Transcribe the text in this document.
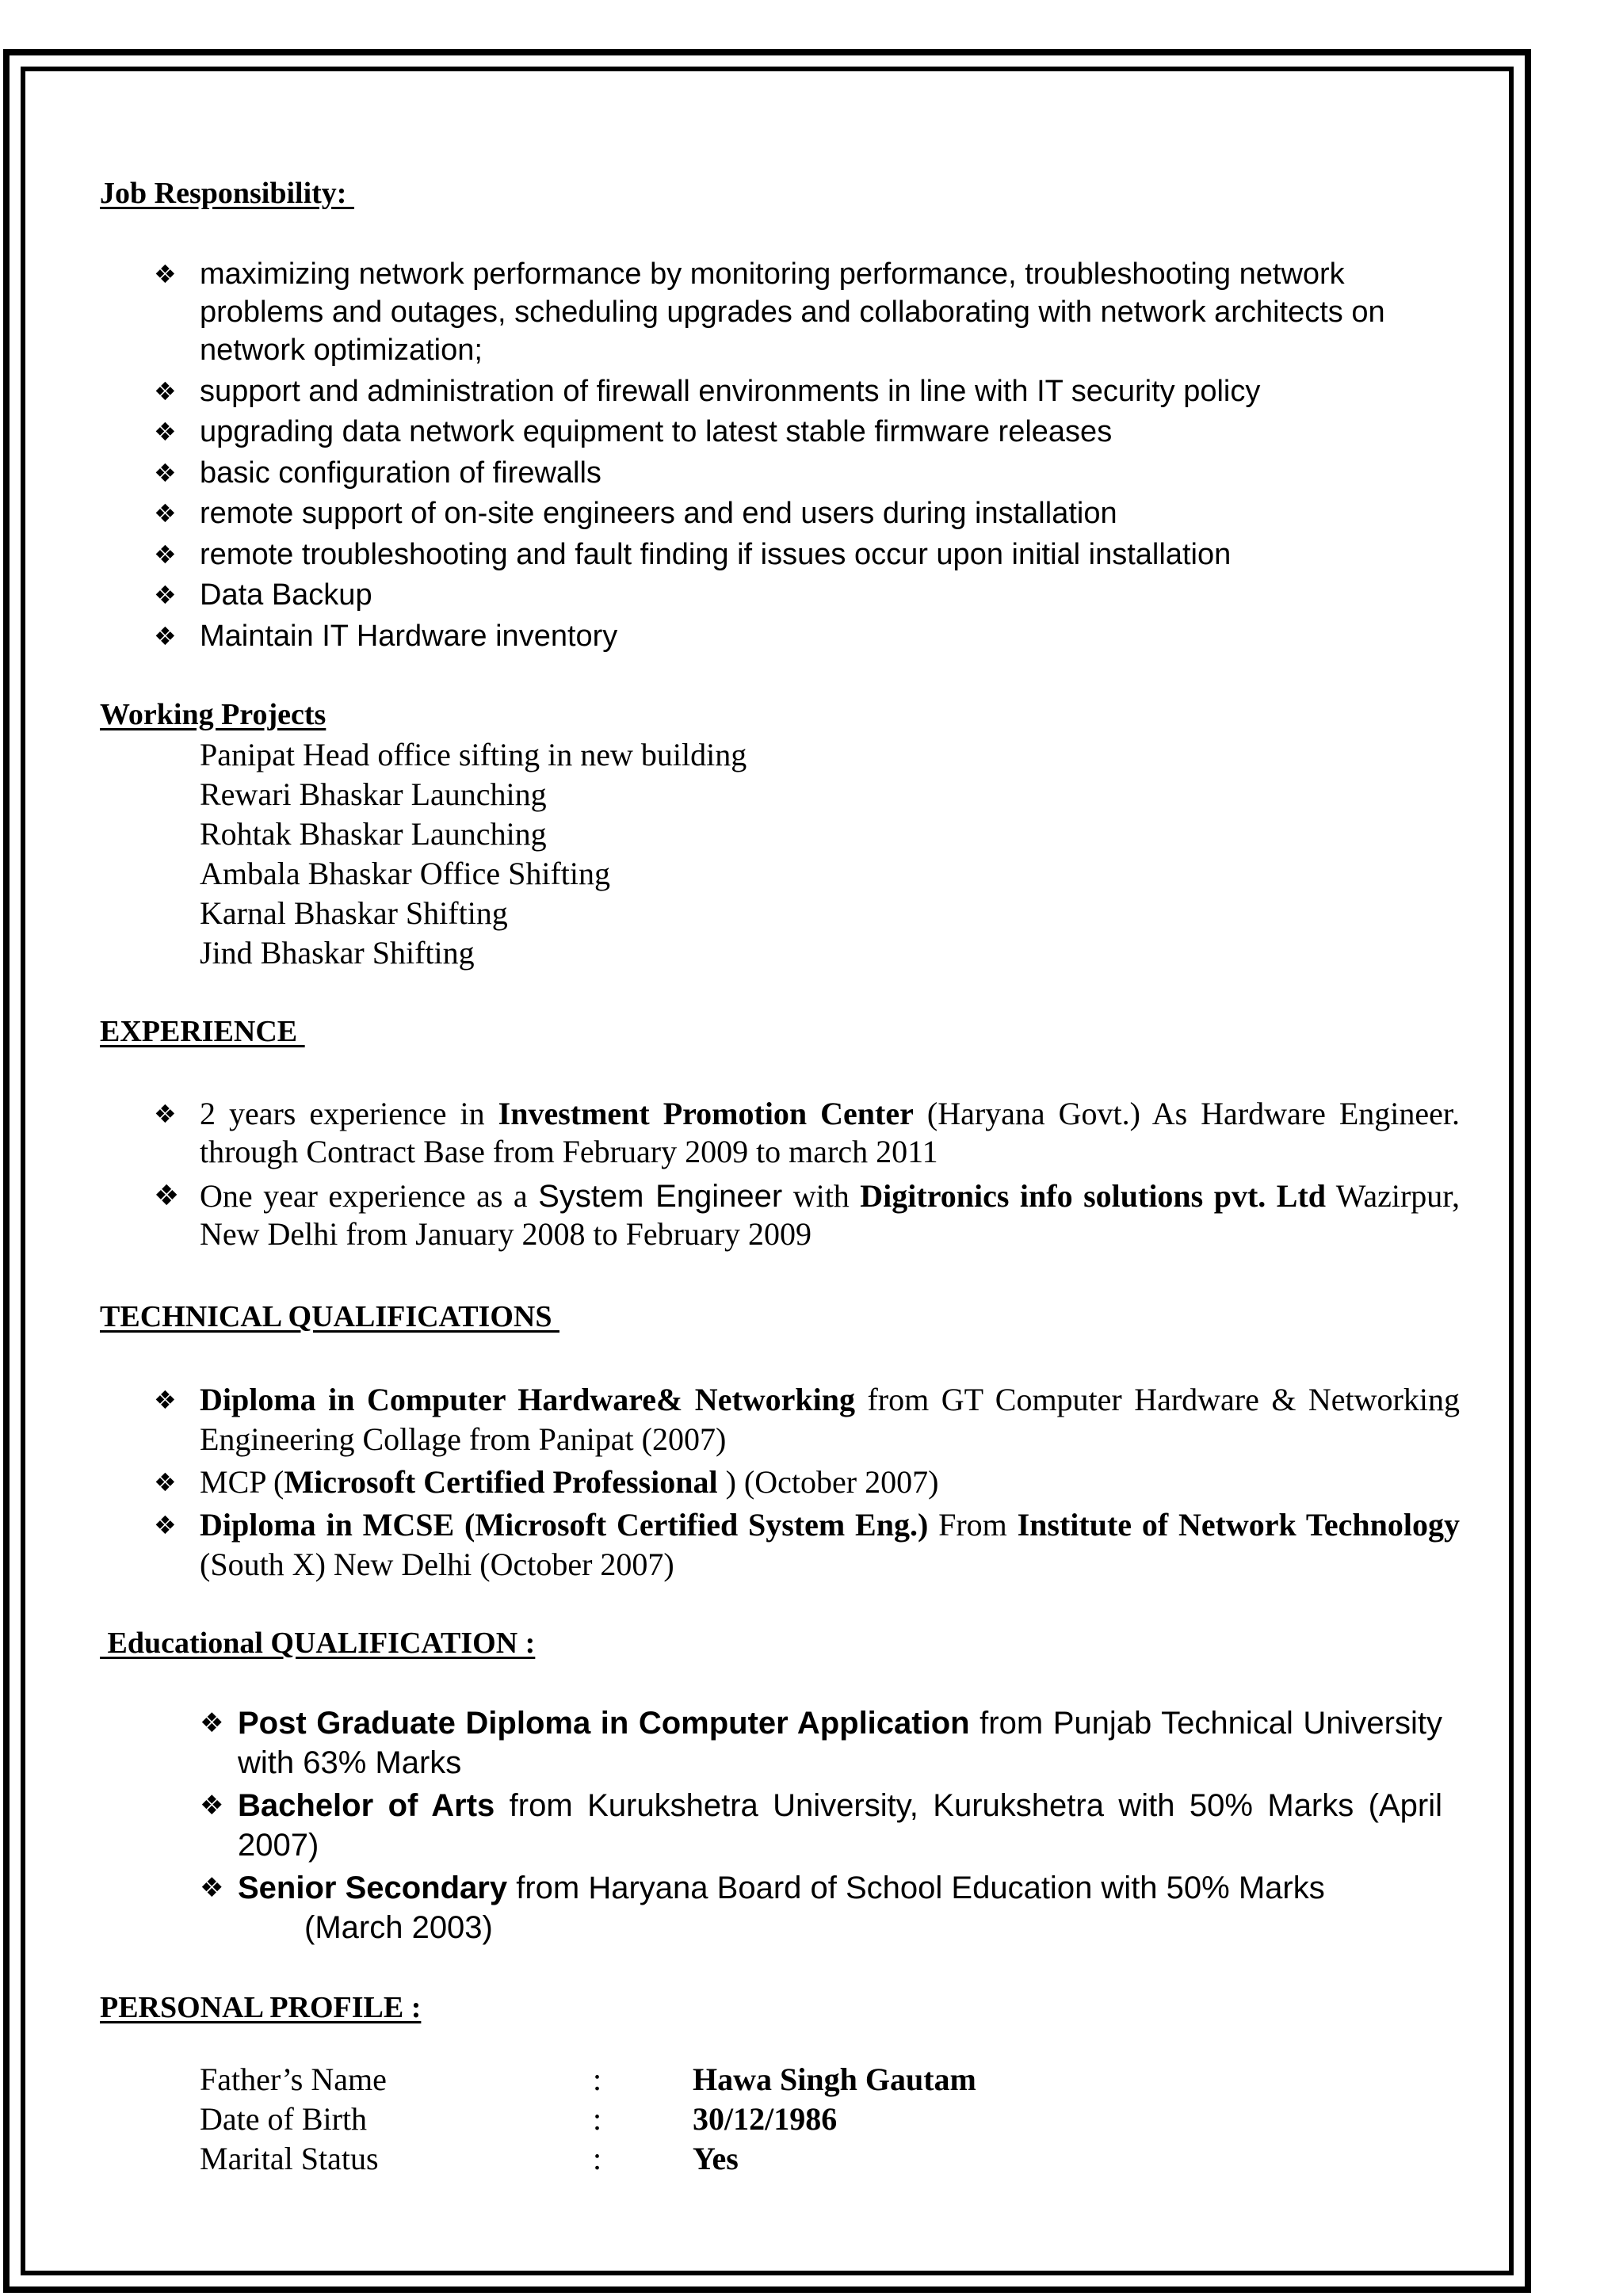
Job Responsibility:
❖ maximizing network performance by monitoring performance, troubleshooting network problems and outages, scheduling upgrades and collaborating with network architects on network optimization;
❖ support and administration of firewall environments in line with IT security policy
❖ upgrading data network equipment to latest stable firmware releases
❖ basic configuration of firewalls
❖ remote support of on-site engineers and end users during installation
❖ remote troubleshooting and fault finding if issues occur upon initial installation
❖ Data Backup
❖ Maintain IT Hardware inventory
Working Projects
Panipat Head office sifting in new building
Rewari Bhaskar Launching
Rohtak Bhaskar Launching
Ambala Bhaskar Office Shifting
Karnal Bhaskar Shifting
Jind Bhaskar Shifting
EXPERIENCE
❖ 2 years experience in Investment Promotion Center (Haryana Govt.) As Hardware Engineer. through Contract Base from February 2009 to march 2011
❖ One year experience as a System Engineer with Digitronics info solutions pvt. Ltd Wazirpur, New Delhi from January 2008 to February 2009
TECHNICAL QUALIFICATIONS
❖ Diploma in Computer Hardware& Networking from GT Computer Hardware & Networking Engineering Collage from Panipat (2007)
❖ MCP (Microsoft Certified Professional ) (October 2007)
❖ Diploma in MCSE (Microsoft Certified System Eng.) From Institute of Network Technology (South X) New Delhi (October 2007)
Educational QUALIFICATION :
❖ Post Graduate Diploma in Computer Application from Punjab Technical University with 63% Marks
❖ Bachelor of Arts from Kurukshetra University, Kurukshetra with 50% Marks (April 2007)
❖ Senior Secondary from Haryana Board of School Education with 50% Marks
(March 2003)
PERSONAL PROFILE :
Father’s Name	:	Hawa Singh Gautam
Date of Birth	:	30/12/1986
Marital Status	:	Yes
